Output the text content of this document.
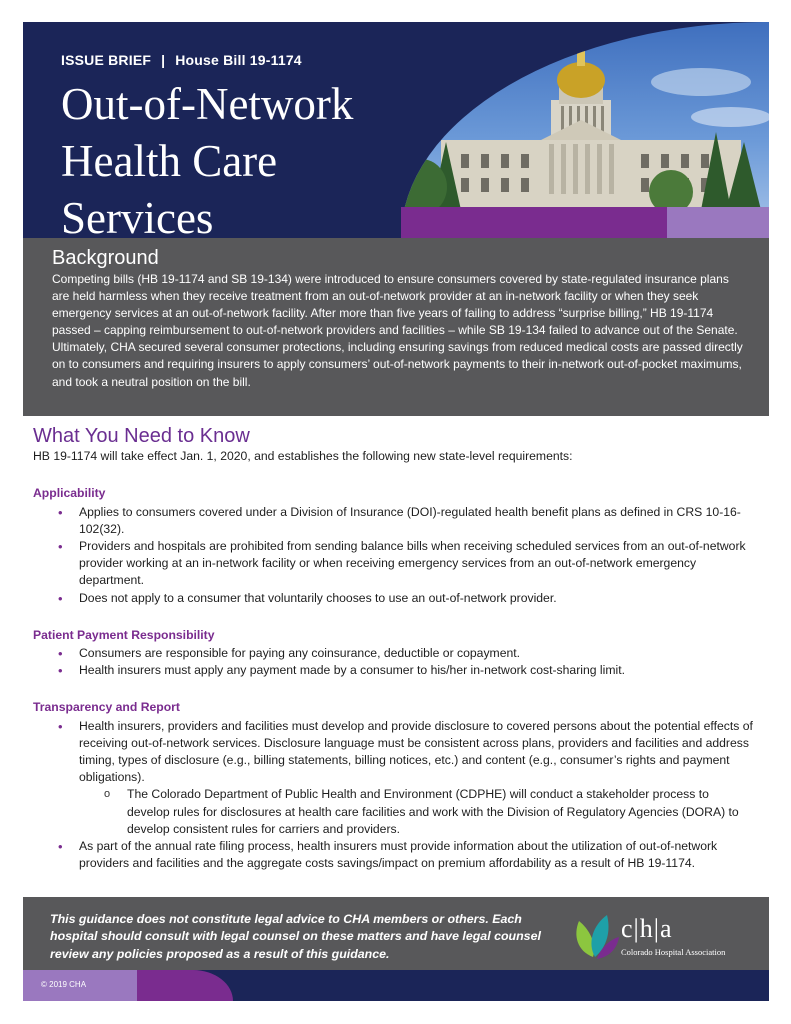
ISSUE BRIEF | House Bill 19-1174
Out-of-Network
Health Care
Services
Background

Competing bills (HB 19-1174 and SB 19-134) were introduced to ensure consumers covered by state-regulated insurance plans are held harmless when they receive treatment from an out-of-network provider at an in-network facility or when they seek emergency services at an out-of-network facility. After more than five years of failing to address “surprise billing,” HB 19-1174 passed – capping reimbursement to out-of-network providers and facilities – while SB 19-134 failed to advance out of the Senate. Ultimately, CHA secured several consumer protections, including ensuring savings from reduced medical costs are passed directly on to consumers and requiring insurers to apply consumers’ out-of-network payments to their in-network out-of-pocket maximums, and took a neutral position on the bill.

What You Need to Know

HB 19-1174 will take effect Jan. 1, 2020, and establishes the following new state-level requirements:

Applicability
• Applies to consumers covered under a Division of Insurance (DOI)-regulated health benefit plans as defined in CRS 10-16-102(32).
• Providers and hospitals are prohibited from sending balance bills when receiving scheduled services from an out-of-network provider working at an in-network facility or when receiving emergency services from an out-of-network emergency department.
• Does not apply to a consumer that voluntarily chooses to use an out-of-network provider.
Patient Payment Responsibility
• Consumers are responsible for paying any coinsurance, deductible or copayment.
• Health insurers must apply any payment made by a consumer to his/her in-network cost-sharing limit.
Transparency and Report
• Health insurers, providers and facilities must develop and provide disclosure to covered persons about the potential effects of receiving out-of-network services. Disclosure language must be consistent across plans, providers and facilities and address timing, types of disclosure (e.g., billing statements, billing notices, etc.) and content (e.g., consumer’s rights and payment obligations).
o The Colorado Department of Public Health and Environment (CDPHE) will conduct a stakeholder process to develop rules for disclosures at health care facilities and work with the Division of Regulatory Agencies (DORA) to develop consistent rules for carriers and providers.
• As part of the annual rate filing process, health insurers must provide information about the utilization of out-of-network providers and facilities and the aggregate costs savings/impact on premium affordability as a result of HB 19-1174.

This guidance does not constitute legal advice to CHA members or others. Each hospital should consult with legal counsel on these matters and have legal counsel review any policies proposed as a result of this guidance.

c|h|a
Colorado Hospital Association
© 2019 CHA
